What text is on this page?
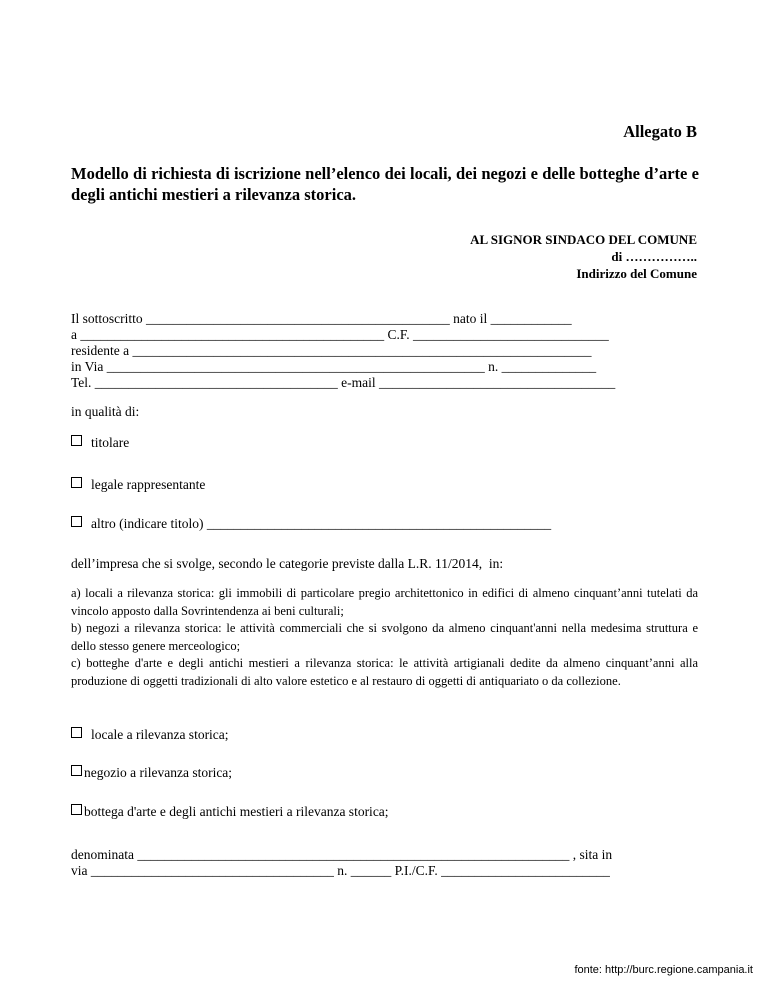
Allegato B
Modello di richiesta di iscrizione nell’elenco dei locali, dei negozi e delle botteghe d’arte e degli antichi mestieri a rilevanza storica.
AL SIGNOR SINDACO DEL COMUNE
di ……………..
Indirizzo del Comune
Il sottoscritto _____________________________________________ nato il ____________
a _____________________________________________ C.F. _____________________________
residente a ____________________________________________________________________
in Via ________________________________________________________ n. ______________
Tel. ____________________________________ e-mail ___________________________________
in qualità di:
titolare
legale rappresentante
altro (indicare titolo) ___________________________________________________
dell’impresa che si svolge, secondo le categorie previste dalla L.R. 11/2014,  in:

a) locali a rilevanza storica: gli immobili di particolare pregio architettonico in edifici di almeno cinquant’anni tutelati da vincolo apposto dalla Sovrintendenza ai beni culturali;

b) negozi a rilevanza storica: le attività commerciali che si svolgono da almeno cinquant'anni nella medesima struttura e dello stesso genere merceologico;

c) botteghe d'arte e degli antichi mestieri a rilevanza storica: le attività artigianali dedite da almeno cinquant’anni alla produzione di oggetti tradizionali di alto valore estetico e al restauro di oggetti di antiquariato o da collezione.

locale a rilevanza storica;
negozio a rilevanza storica;
bottega d'arte e degli antichi mestieri a rilevanza storica;
denominata ________________________________________________________________ , sita in
via ____________________________________ n. ______ P.I./C.F. _________________________
fonte: http://burc.regione.campania.it
